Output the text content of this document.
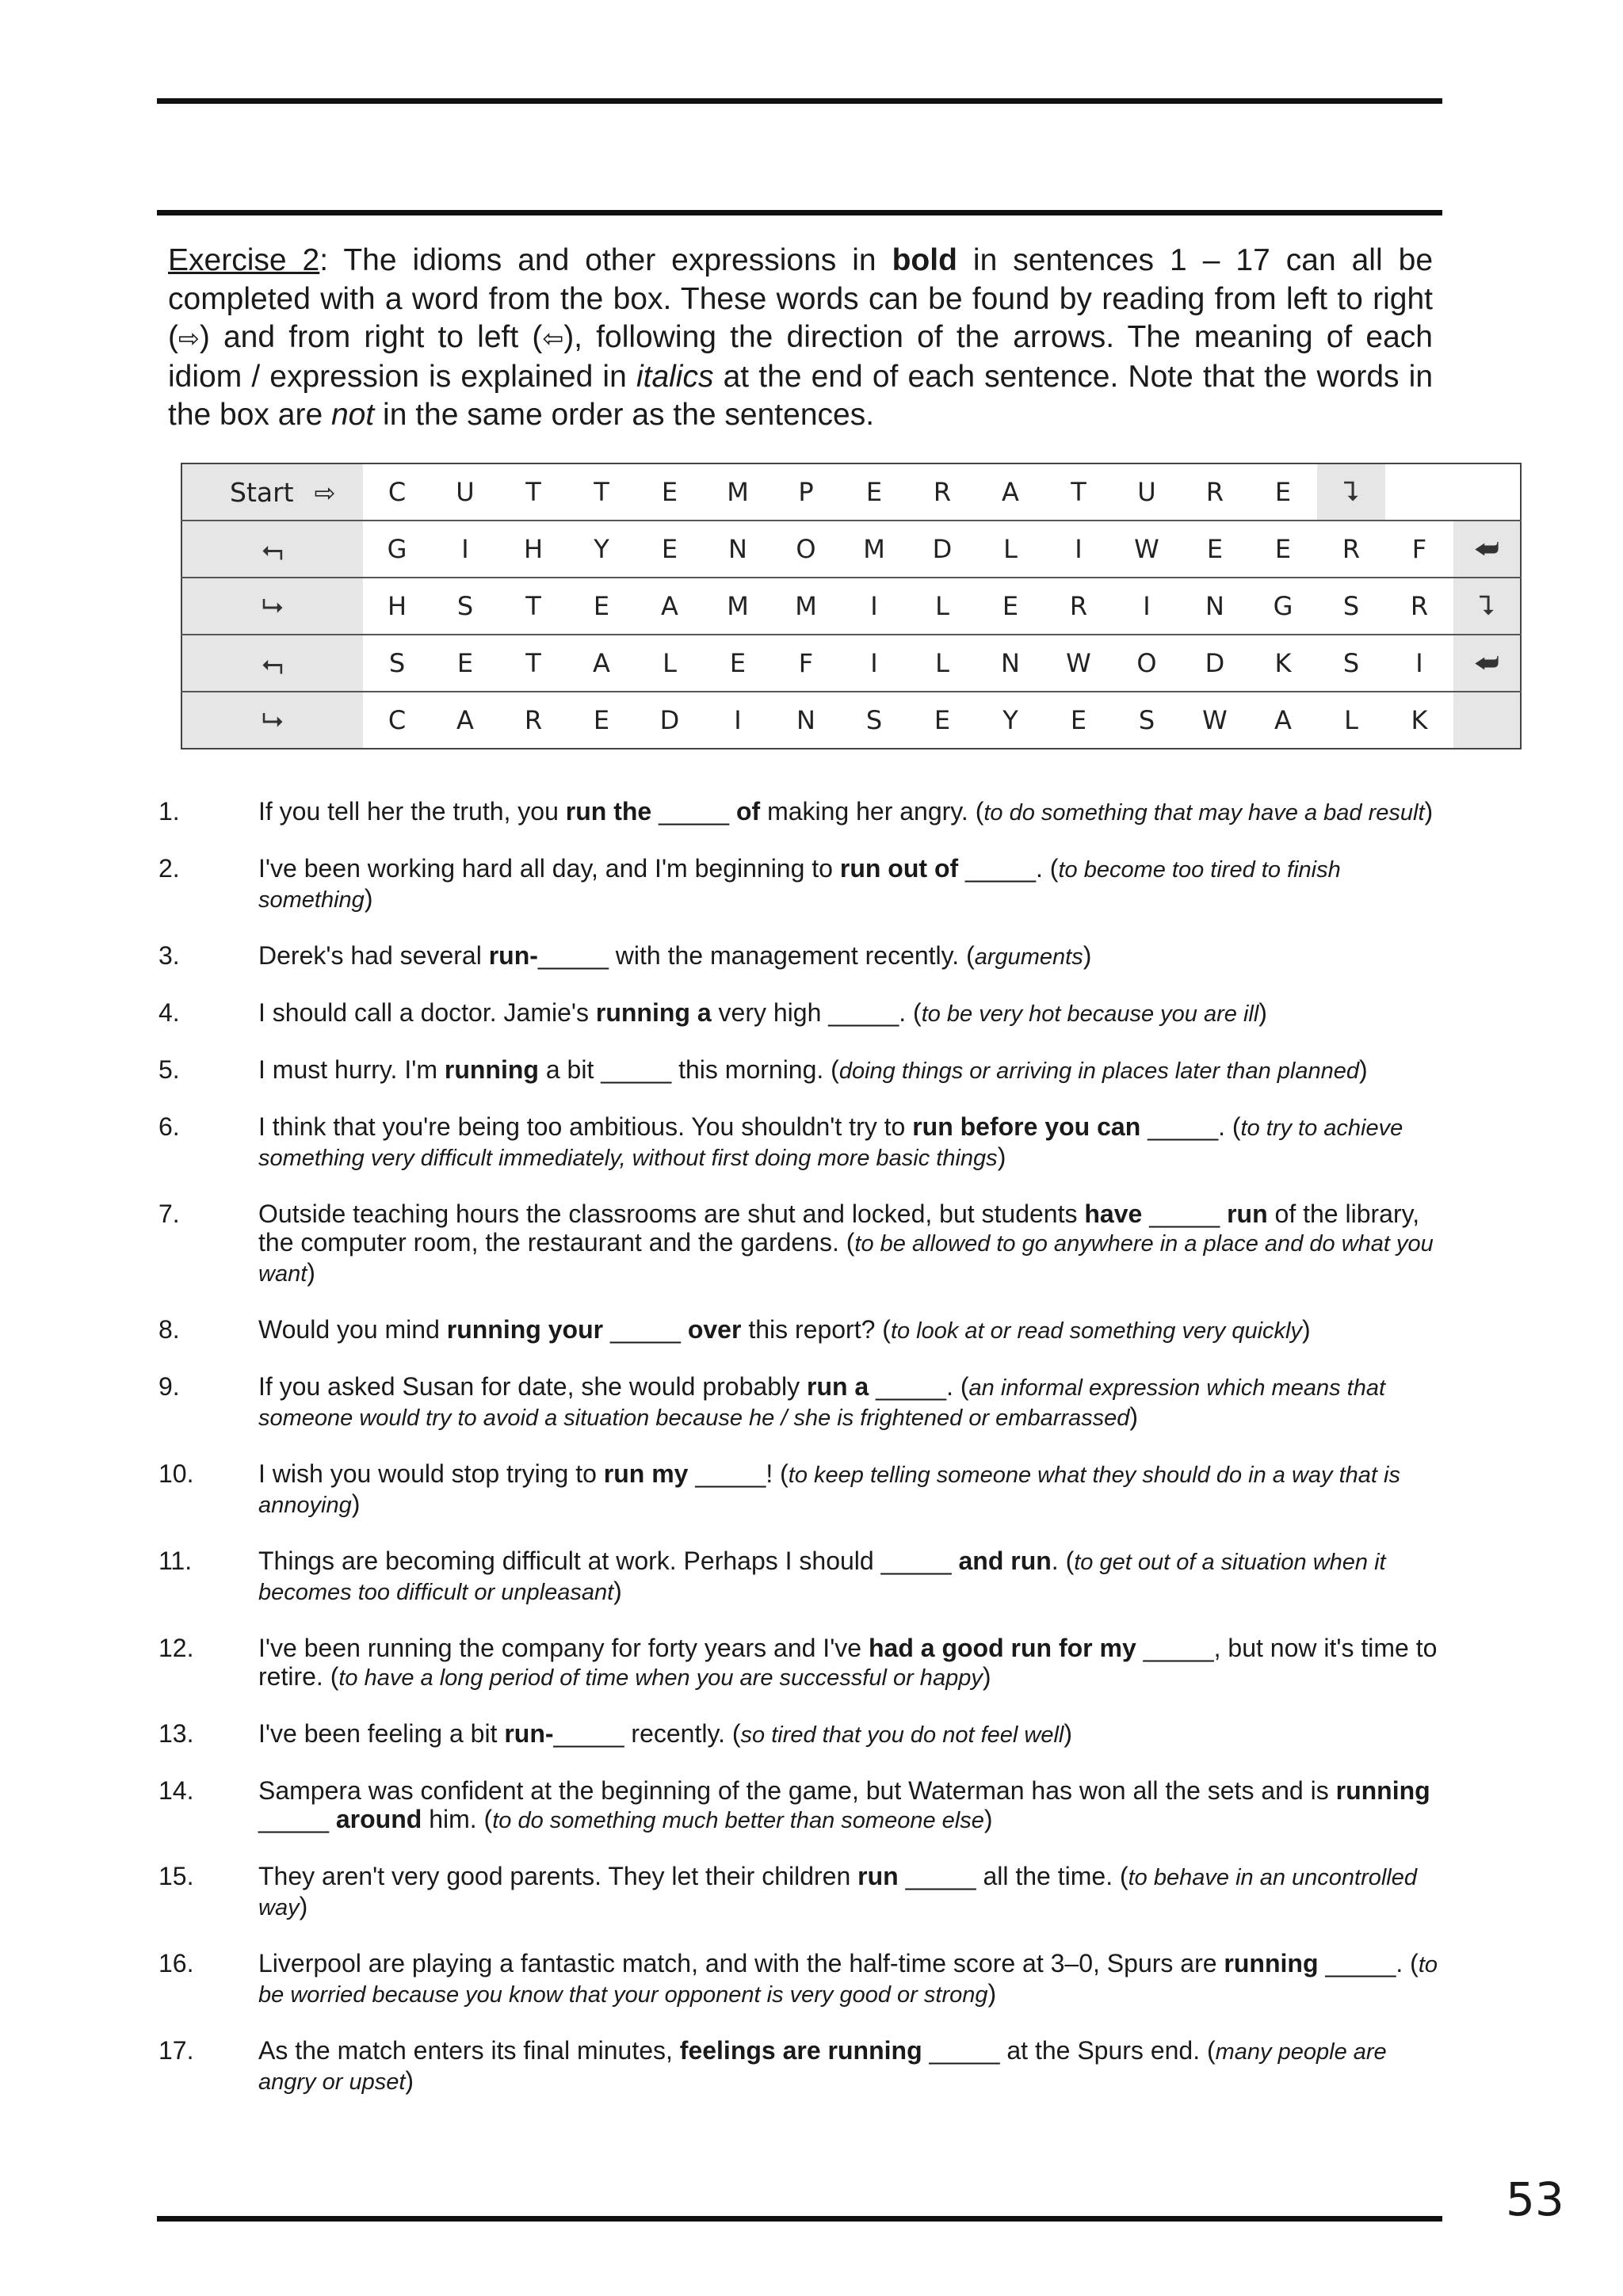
Exercise 2: The idioms and other expressions in bold in sentences 1 – 17 can all be completed with a word from the box. These words can be found by reading from left to right (⇨) and from right to left (⇦), following the direction of the arrows. The meaning of each idiom / expression is explained in italics at the end of each sentence. Note that the words in the box are not in the same order as the sentences.

Start ⇨	C	U	T	T	E	M	P	E	R	A	T	U	R	E	⮧		
⮢	G	I	H	Y	E	N	O	M	D	L	I	W	E	E	R	F	⮨
⮡	H	S	T	E	A	M	M	I	L	E	R	I	N	G	S	R	⮧
⮢	S	E	T	A	L	E	F	I	L	N	W	O	D	K	S	I	⮨
⮡	C	A	R	E	D	I	N	S	E	Y	E	S	W	A	L	K	
1.	If you tell her the truth, you run the _____ of making her angry. (to do something that may have a bad result)
2.	I've been working hard all day, and I'm beginning to run out of _____. (to become too tired to finish something)
3.	Derek's had several run-_____ with the management recently. (arguments)
4.	I should call a doctor. Jamie's running a very high _____. (to be very hot because you are ill)
5.	I must hurry. I'm running a bit _____ this morning. (doing things or arriving in places later than planned)
6.	I think that you're being too ambitious. You shouldn't try to run before you can _____. (to try to achieve something very difficult immediately, without first doing more basic things)
7.	Outside teaching hours the classrooms are shut and locked, but students have _____ run of the library, the computer room, the restaurant and the gardens. (to be allowed to go anywhere in a place and do what you want)
8.	Would you mind running your _____ over this report? (to look at or read something very quickly)
9.	If you asked Susan for date, she would probably run a _____. (an informal expression which means that someone would try to avoid a situation because he / she is frightened or embarrassed)
10.	I wish you would stop trying to run my _____! (to keep telling someone what they should do in a way that is annoying)
11.	Things are becoming difficult at work. Perhaps I should _____ and run. (to get out of a situation when it becomes too difficult or unpleasant)
12.	I've been running the company for forty years and I've had a good run for my _____, but now it's time to retire. (to have a long period of time when you are successful or happy)
13.	I've been feeling a bit run-_____ recently. (so tired that you do not feel well)
14.	Sampera was confident at the beginning of the game, but Waterman has won all the sets and is running _____ around him. (to do something much better than someone else)
15.	They aren't very good parents. They let their children run _____ all the time. (to behave in an uncontrolled way)
16.	Liverpool are playing a fantastic match, and with the half-time score at 3–0, Spurs are running _____. (to be worried because you know that your opponent is very good or strong)
17.	As the match enters its final minutes, feelings are running _____ at the Spurs end. (many people are angry or upset)
53
